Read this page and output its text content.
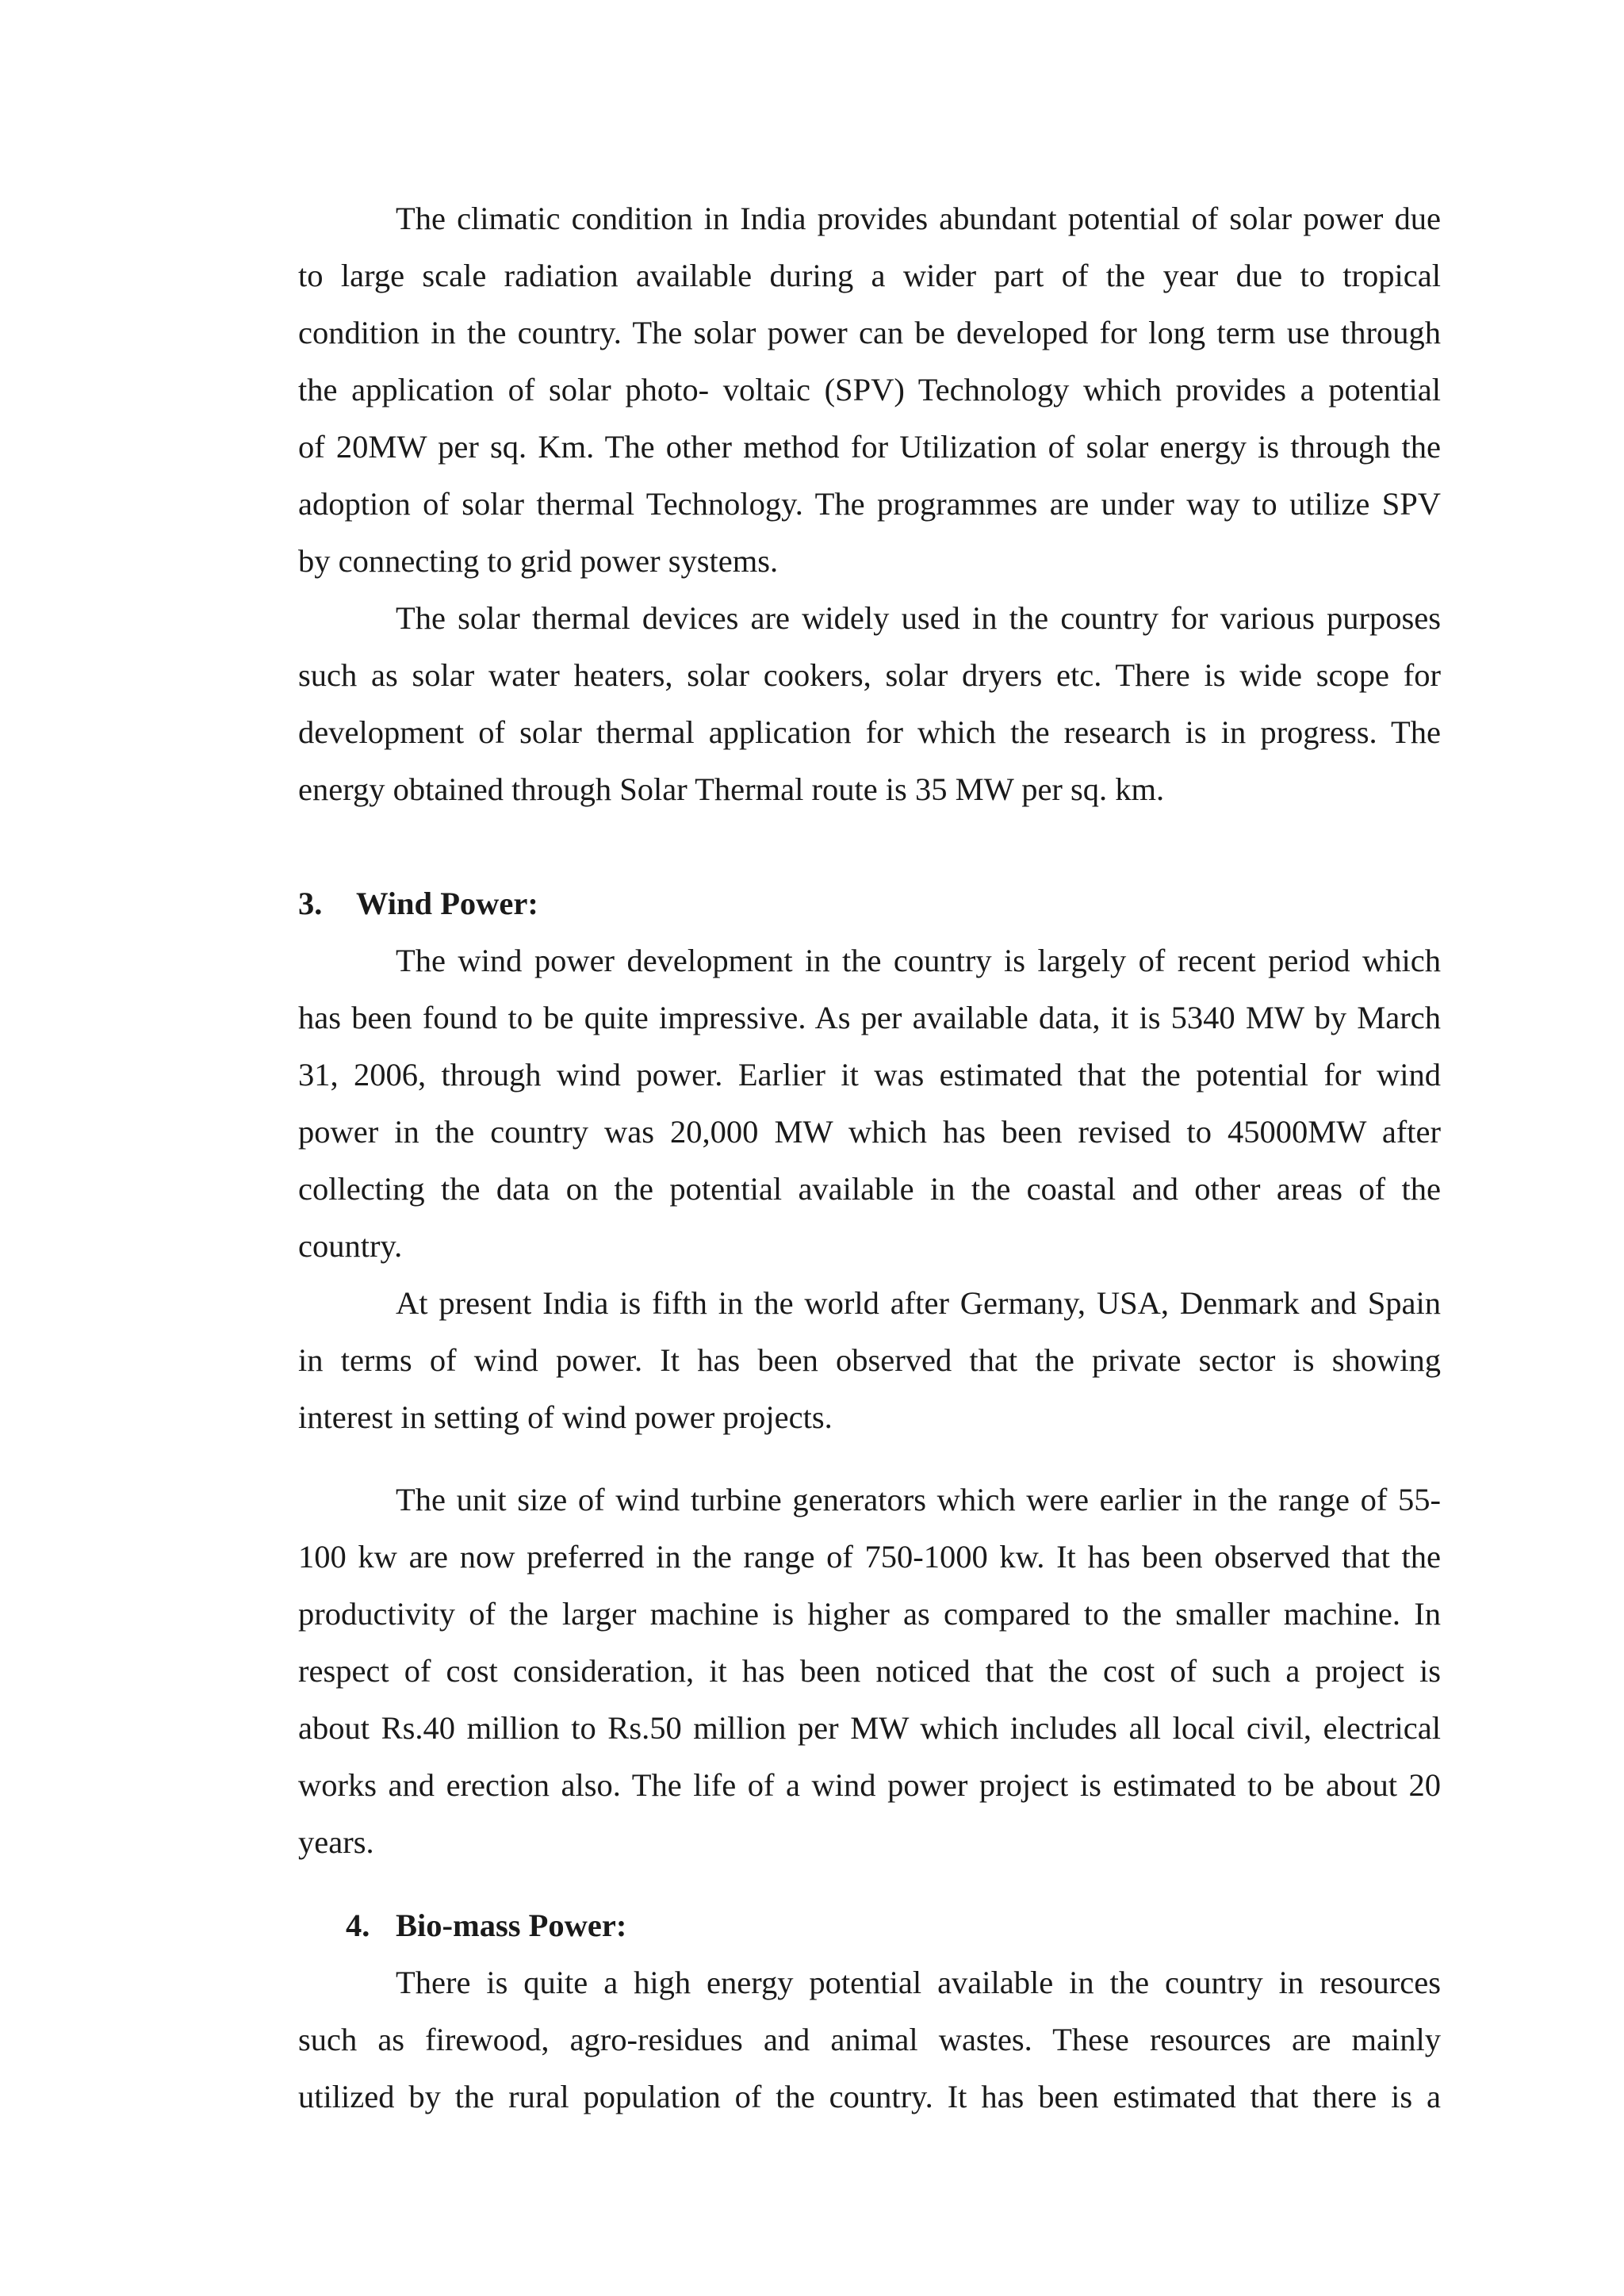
The climatic condition in India provides abundant potential of solar power due
to large scale radiation available during a wider part of the year due to tropical
condition in the country. The solar power can be developed for long term use through
the application of solar photo- voltaic (SPV) Technology which provides a potential
of 20MW per sq. Km. The other method for Utilization of solar energy is through the
adoption of solar thermal Technology. The programmes are under way to utilize SPV
by connecting to grid power systems.
The solar thermal devices are widely used in the country for various purposes
such as solar water heaters, solar cookers, solar dryers etc. There is wide scope for
development of solar thermal application for which the research is in progress. The
energy obtained through Solar Thermal route is 35 MW per sq. km.
3.	Wind Power:
The wind power development in the country is largely of recent period which
has been found to be quite impressive. As per available data, it is 5340 MW by March
31, 2006, through wind power. Earlier it was estimated that the potential for wind
power in the country was 20,000 MW which has been revised to 45000MW after
collecting the data on the potential available in the coastal and other areas of the
country.
At present India is fifth in the world after Germany, USA, Denmark and Spain
in terms of wind power. It has been observed that the private sector is showing
interest in setting of wind power projects.
The unit size of wind turbine generators which were earlier in the range of 55-
100 kw are now preferred in the range of 750-1000 kw. It has been observed that the
productivity of the larger machine is higher as compared to the smaller machine. In
respect of cost consideration, it has been noticed that the cost of such a project is
about Rs.40 million to Rs.50 million per MW which includes all local civil, electrical
works and erection also. The life of a wind power project is estimated to be about 20
years.
4. Bio-mass Power:
There is quite a high energy potential available in the country in resources
such as firewood, agro-residues and animal wastes. These resources are mainly
utilized by the rural population of the country. It has been estimated that there is a
